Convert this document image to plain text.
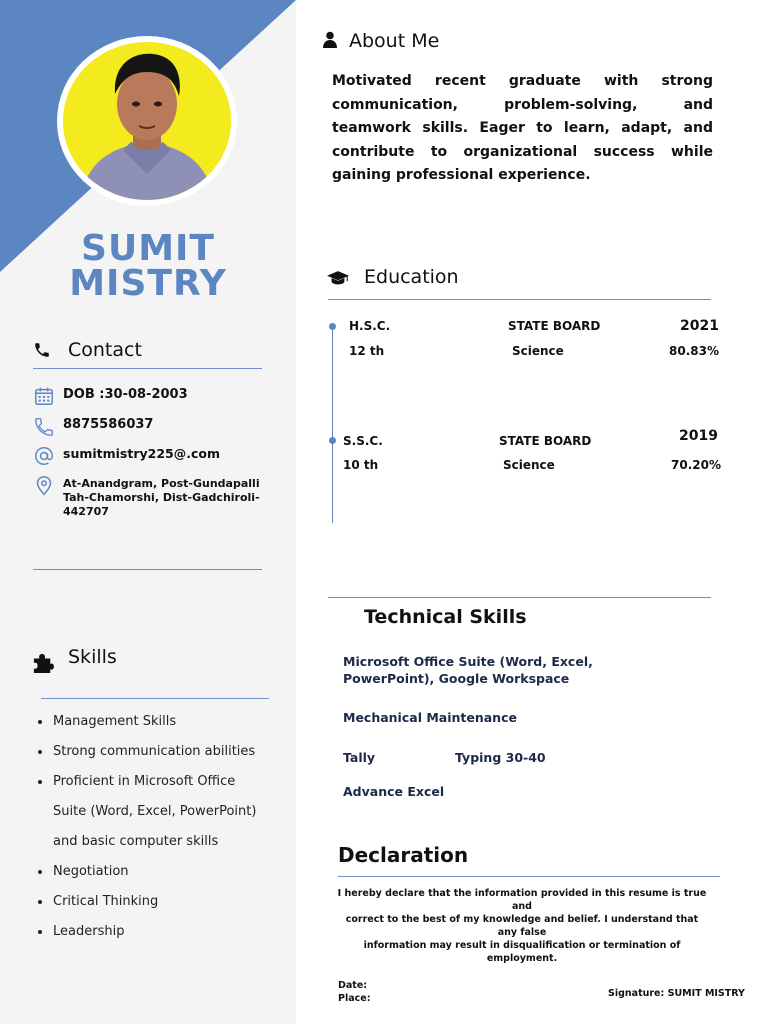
SUMIT
MISTRY
Contact
DOB :30-08-2003
8875586037
sumitmistry225@.com
At-Anandgram, Post-Gundapalli
Tah-Chamorshi, Dist-Gadchiroli-
442707
Skills
Management Skills
Strong communication abilities
Proficient in Microsoft Office
Suite (Word, Excel, PowerPoint)
and basic computer skills
Negotiation
Critical Thinking
Leadership
About Me
Motivated recent graduate with strong communication, problem-solving, and teamwork skills. Eager to learn, adapt, and contribute to organizational success while gaining professional experience.
Education
H.S.C.	STATE BOARD	2021
12 th	Science	80.83%
S.S.C.	STATE BOARD	2019
10 th	Science	70.20%
Technical Skills
Microsoft Office Suite (Word, Excel,
PowerPoint), Google Workspace
Mechanical Maintenance
Tally	Typing 30-40
Advance Excel
Declaration
I hereby declare that the information provided in this resume is true and
correct to the best of my knowledge and belief. I understand that any false
information may result in disqualification or termination of employment.
Date:
Place:	Signature: SUMIT MISTRY
